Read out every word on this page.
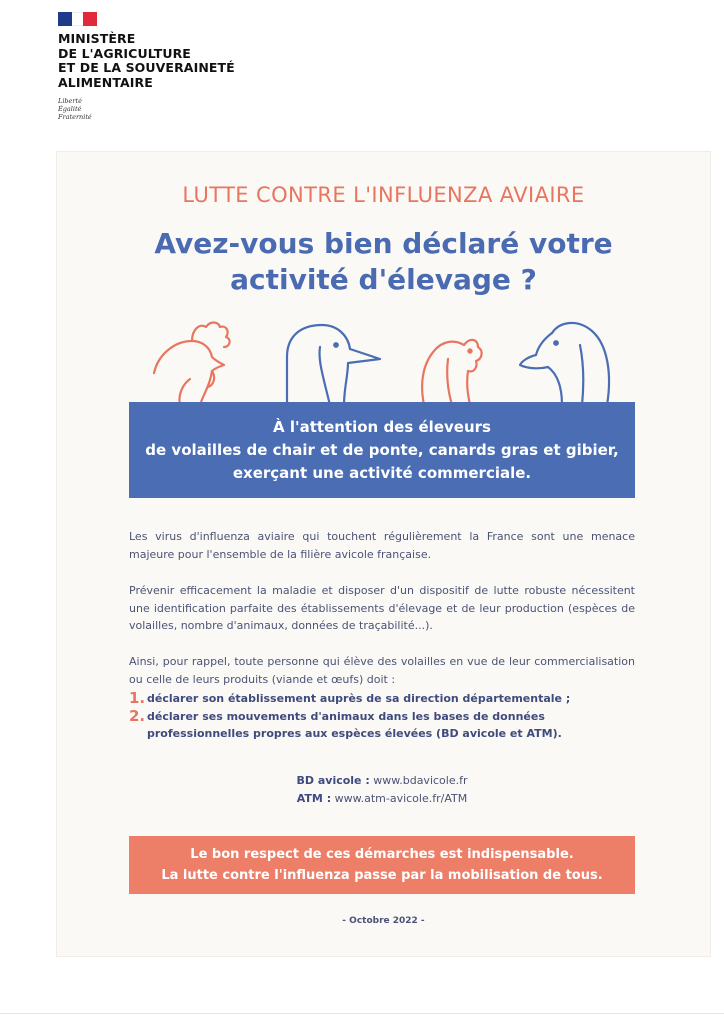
MINISTÈRE
DE L'AGRICULTURE
ET DE LA SOUVERAINETÉ
ALIMENTAIRE
Liberté
Égalité
Fraternité
LUTTE CONTRE L'INFLUENZA AVIAIRE
Avez-vous bien déclaré votre
activité d'élevage ?
À l'attention des éleveurs
de volailles de chair et de ponte, canards gras et gibier,
exerçant une activité commerciale.
Les virus d'influenza aviaire qui touchent régulièrement la France sont une menace majeure pour l'ensemble de la filière avicole française.
Prévenir efficacement la maladie et disposer d'un dispositif de lutte robuste nécessitent une identification parfaite des établissements d'élevage et de leur production (espèces de volailles, nombre d'animaux, données de traçabilité...).
Ainsi, pour rappel, toute personne qui élève des volailles en vue de leur commercialisation ou celle de leurs produits (viande et œufs) doit :
1. déclarer son établissement auprès de sa direction départementale ;
2. déclarer ses mouvements d'animaux dans les bases de données professionnelles propres aux espèces élevées (BD avicole et ATM).
BD avicole : www.bdavicole.fr
ATM : www.atm-avicole.fr/ATM
Le bon respect de ces démarches est indispensable.
La lutte contre l'influenza passe par la mobilisation de tous.
- Octobre 2022 -
